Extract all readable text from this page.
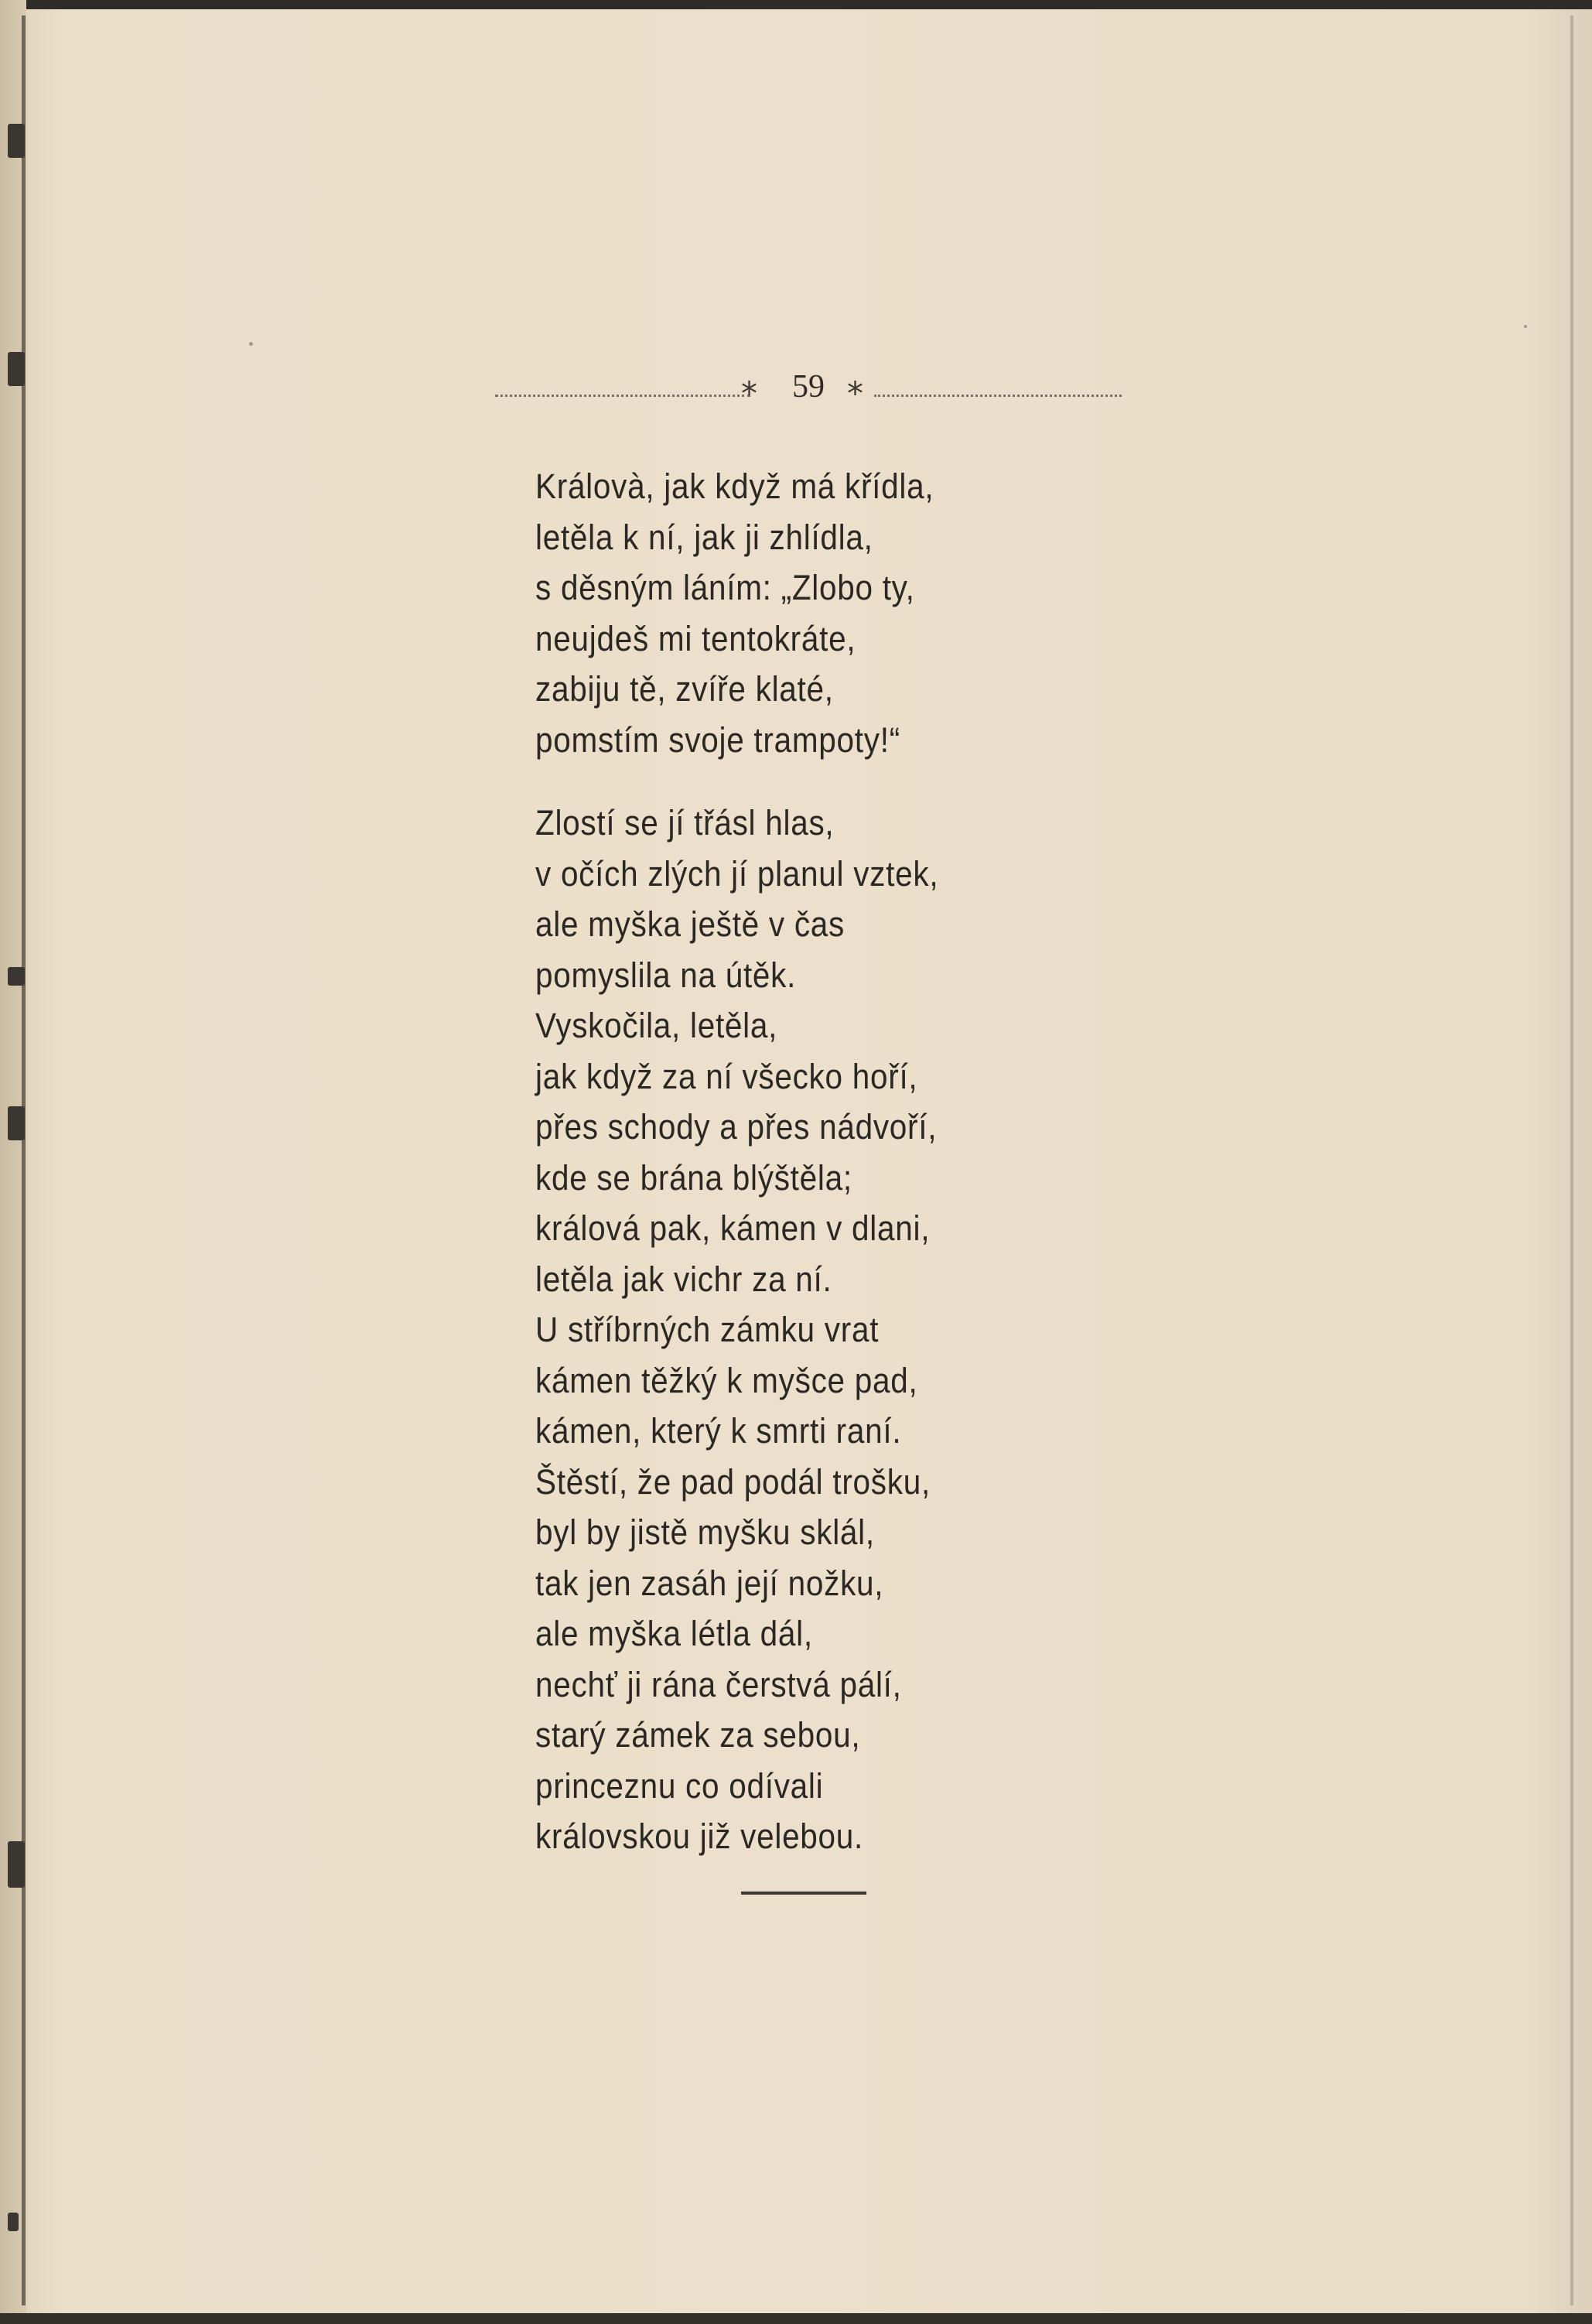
*	59 *
Královà, jak když má křídla,
letěla k ní, jak ji zhlídla,
s děsným láním: „Zlobo ty,
neujdeš mi tentokráte,
zabiju tě, zvíře klaté,
pomstím svoje trampoty!“
Zlostí se jí třásl hlas,
v očích zlých jí planul vztek,
ale myška ještě v čas
pomyslila na útěk.
Vyskočila, letěla,
jak když za ní všecko hoří,
přes schody a přes nádvoří,
kde se brána blýštěla;
králová pak, kámen v dlani,
letěla jak vichr za ní.
U stříbrných zámku vrat
kámen těžký k myšce pad,
kámen, který k smrti raní.
Štěstí, že pad podál trošku,
byl by jistě myšku sklál,
tak jen zasáh její nožku,
ale myška létla dál,
nechť ji rána čerstvá pálí,
starý zámek za sebou,
princeznu co odívali
královskou již velebou.
